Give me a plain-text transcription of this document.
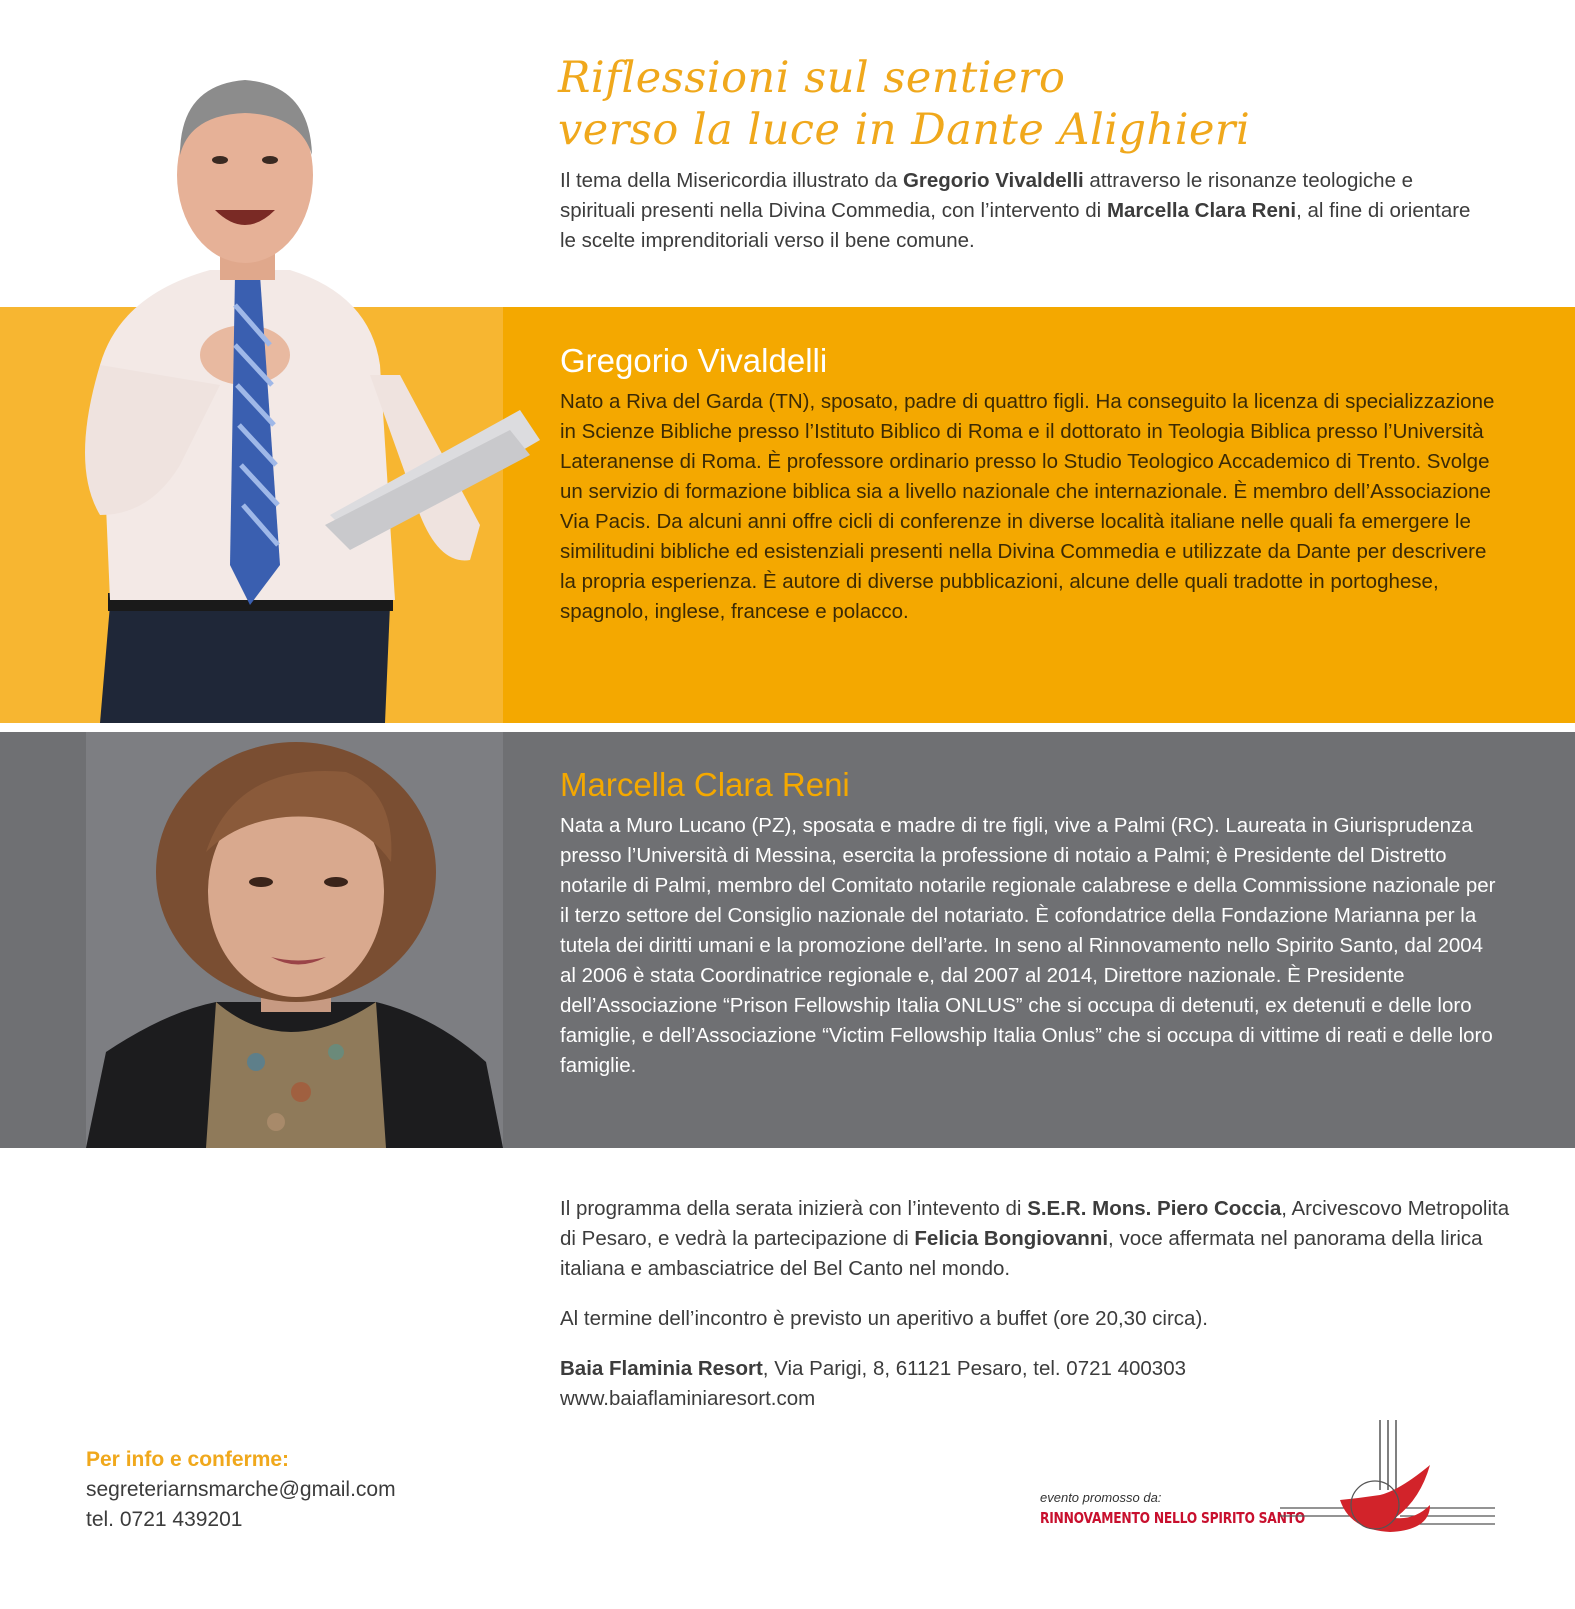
Riflessioni sul sentiero
verso la luce in Dante Alighieri
Il tema della Misericordia illustrato da Gregorio Vivaldelli attraverso le risonanze teologiche e spirituali presenti nella Divina Commedia, con l’intervento di Marcella Clara Reni, al fine di orientare le scelte imprenditoriali verso il bene comune.
Gregorio Vivaldelli
Nato a Riva del Garda (TN), sposato, padre di quattro figli. Ha conseguito la licenza di specializzazione in Scienze Bibliche presso l’Istituto Biblico di Roma e il dottorato in Teologia Biblica presso l’Università Lateranense di Roma. È professore ordinario presso lo Studio Teologico Accademico di Trento. Svolge un servizio di formazione biblica sia a livello nazionale che internazionale. È membro dell’Associazione Via Pacis. Da alcuni anni offre cicli di conferenze in diverse località italiane nelle quali fa emergere le similitudini bibliche ed esistenziali presenti nella Divina Commedia e utilizzate da Dante per descrivere la propria esperienza. È autore di diverse pubblicazioni, alcune delle quali tradotte in portoghese, spagnolo, inglese, francese e polacco.
Marcella Clara Reni
Nata a Muro Lucano (PZ), sposata e madre di tre figli, vive a Palmi (RC). Laureata in Giurisprudenza presso l’Università di Messina, esercita la professione di notaio a Palmi; è Presidente del Distretto notarile di Palmi, membro del Comitato notarile regionale calabrese e della Commissione nazionale per il terzo settore del Consiglio nazionale del notariato. È cofondatrice della Fondazione Marianna per la tutela dei diritti umani e la promozione dell’arte. In seno al Rinnovamento nello Spirito Santo, dal 2004 al 2006 è stata Coordinatrice regionale e, dal 2007 al 2014, Direttore nazionale. È Presidente dell’Associazione “Prison Fellowship Italia ONLUS” che si occupa di detenuti, ex detenuti e delle loro famiglie, e dell’Associazione “Victim Fellowship Italia Onlus” che si occupa di vittime di reati e delle loro famiglie.

Il programma della serata inizierà con l’intevento di S.E.R. Mons. Piero Coccia, Arcivescovo Metropolita di Pesaro, e vedrà la partecipazione di Felicia Bongiovanni, voce affermata nel panorama della lirica italiana e ambasciatrice del Bel Canto nel mondo.

Al termine dell’incontro è previsto un aperitivo a buffet (ore 20,30 circa).

Baia Flaminia Resort, Via Parigi, 8, 61121 Pesaro, tel. 0721 400303
www.baiaflaminiaresort.com
Per info e conferme:
segreteriarnsmarche@gmail.com
tel. 0721 439201
evento promosso da:
RINNOVAMENTO NELLO SPIRITO SANTO
